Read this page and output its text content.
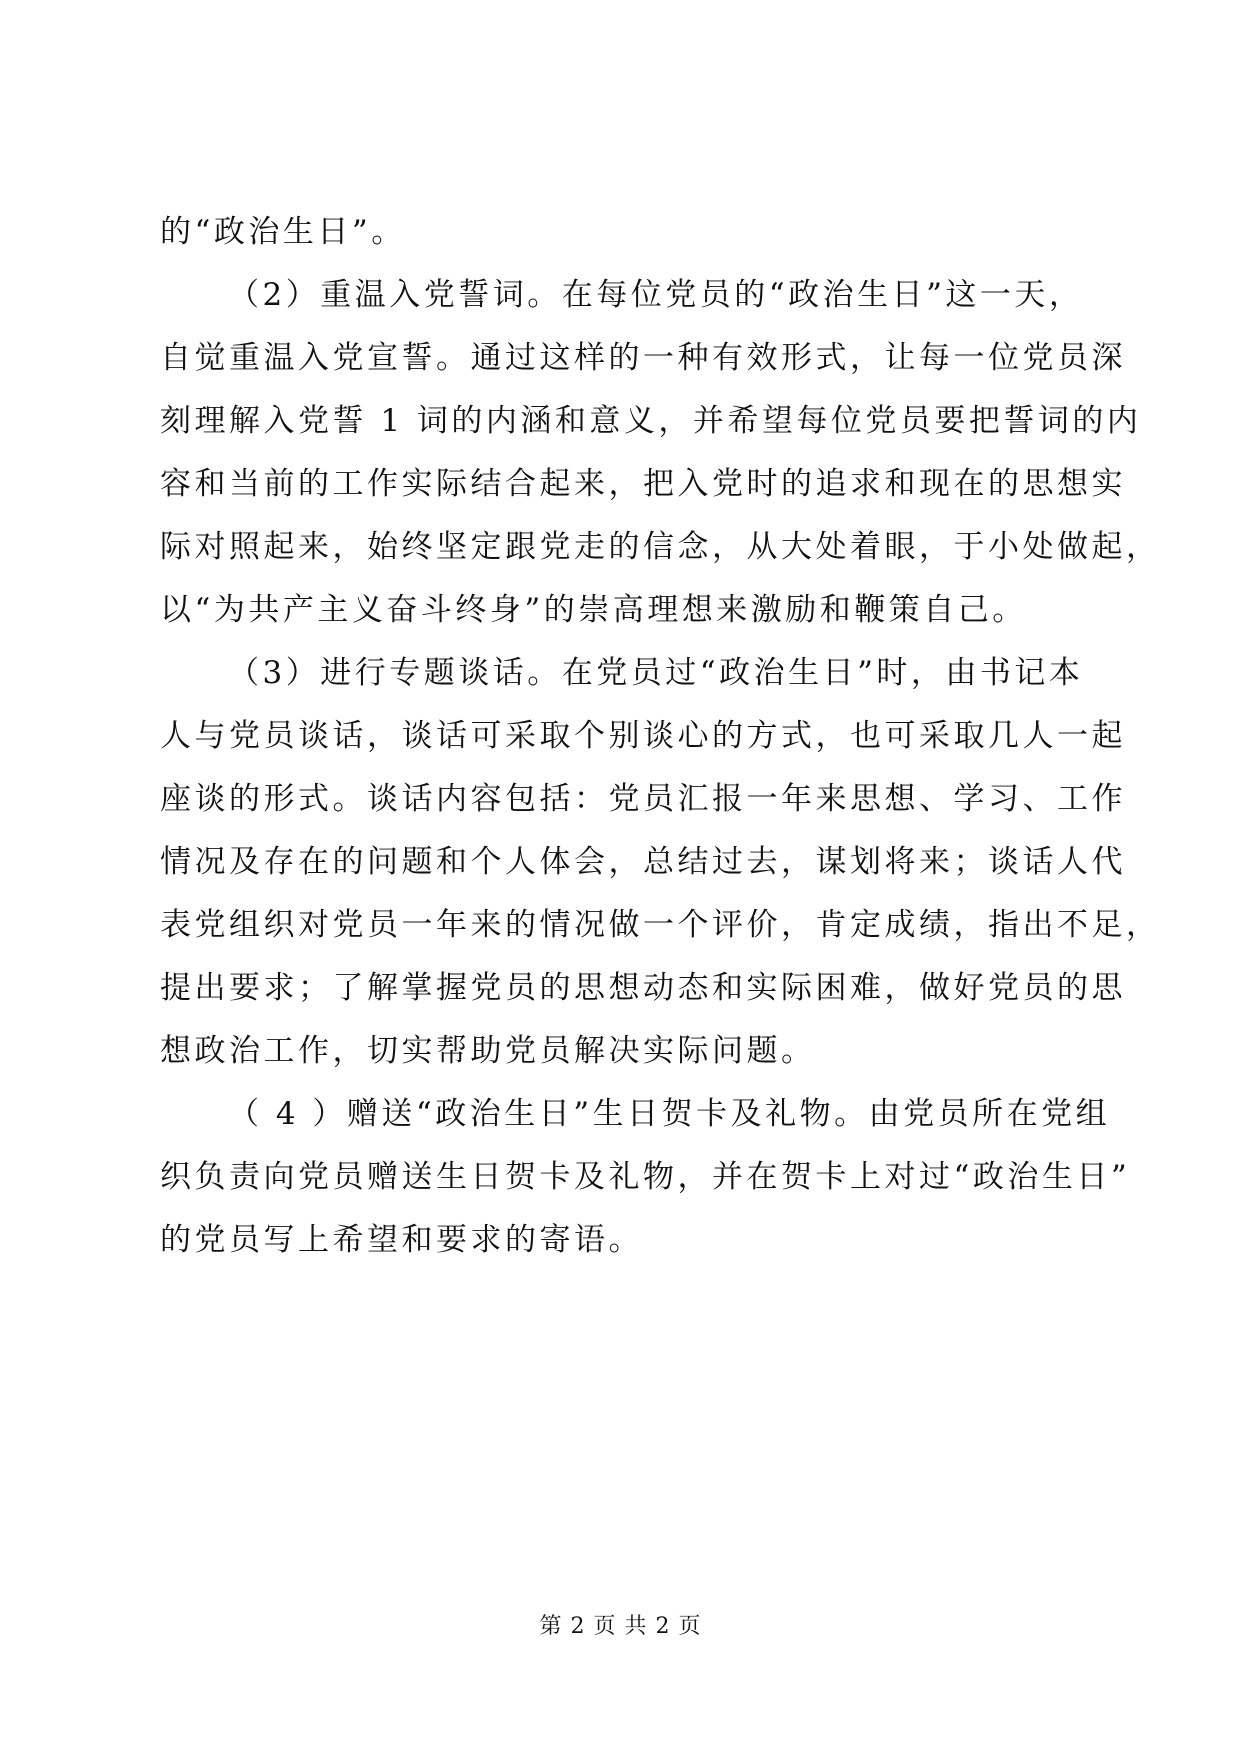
的“政治生日”。
（2）重温入党誓词。在每位党员的“政治生日”这一天，
自觉重温入党宣誓。通过这样的一种有效形式，让每一位党员深
刻理解入党誓 1 词的内涵和意义，并希望每位党员要把誓词的内
容和当前的工作实际结合起来，把入党时的追求和现在的思想实
际对照起来，始终坚定跟党走的信念，从大处着眼，于小处做起，
以“为共产主义奋斗终身”的崇高理想来激励和鞭策自己。
（3）进行专题谈话。在党员过“政治生日”时，由书记本
人与党员谈话，谈话可采取个别谈心的方式，也可采取几人一起
座谈的形式。谈话内容包括：党员汇报一年来思想、学习、工作
情况及存在的问题和个人体会，总结过去，谋划将来；谈话人代
表党组织对党员一年来的情况做一个评价，肯定成绩，指出不足，
提出要求；了解掌握党员的思想动态和实际困难，做好党员的思
想政治工作，切实帮助党员解决实际问题。
（ 4 ）赠送“政治生日”生日贺卡及礼物。由党员所在党组
织负责向党员赠送生日贺卡及礼物，并在贺卡上对过“政治生日”
的党员写上希望和要求的寄语。
第 2 页 共 2 页
